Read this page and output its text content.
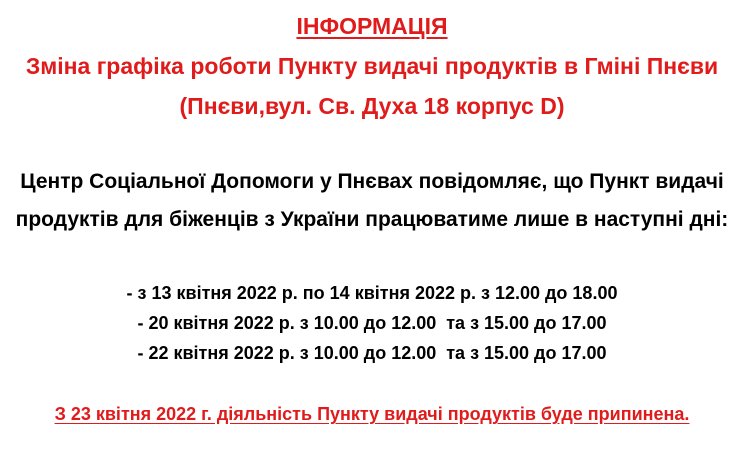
ІНФОРМАЦІЯ
Зміна графіка роботи Пункту видачі продуктів в Гміні Пнєви
(Пнєви,вул. Св. Духа 18 корпус D)
Центр Соціальної Допомоги у Пнєвах повідомляє, що Пункт видачі
продуктів для біженців з України працюватиме лише в наступні дні:
- з 13 квітня 2022 р. по 14 квітня 2022 р. з 12.00 до 18.00
- 20 квітня 2022 р. з 10.00 до 12.00  та з 15.00 до 17.00
- 22 квітня 2022 р. з 10.00 до 12.00  та з 15.00 до 17.00
З 23 квітня 2022 г. діяльність Пункту видачі продуктів буде припинена.
